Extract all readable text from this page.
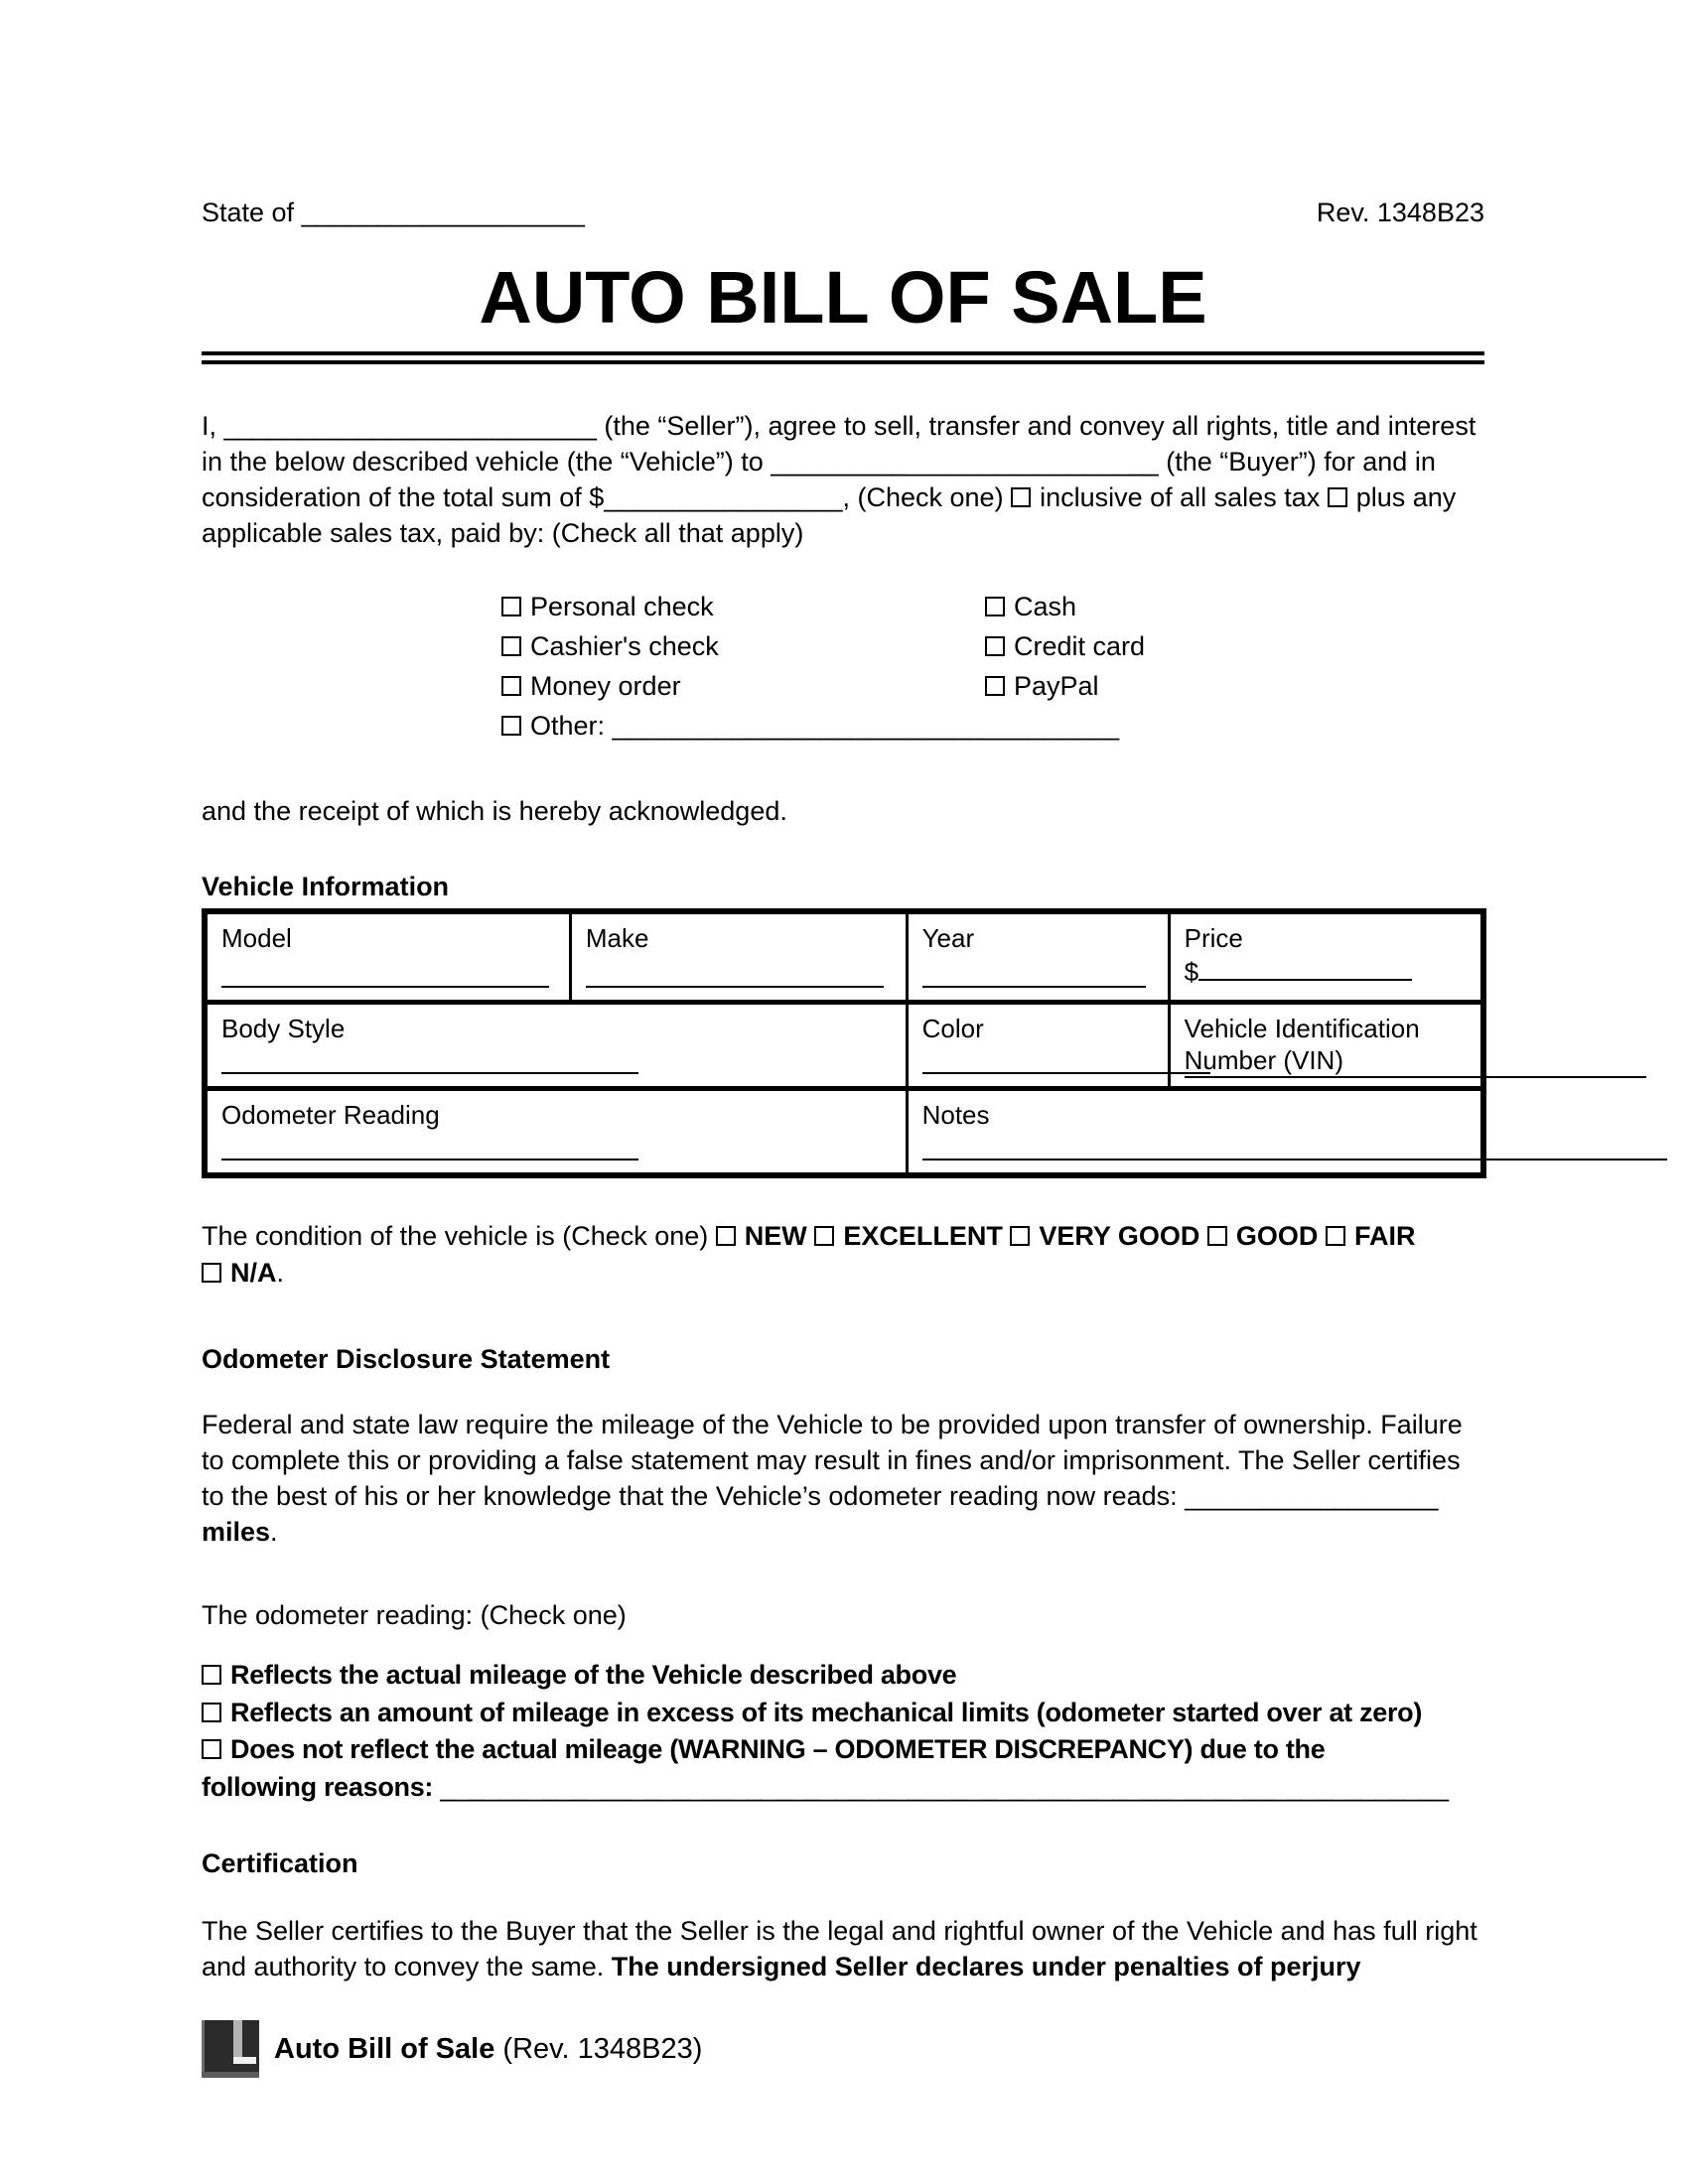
State of ___________________	Rev. 1348B23
AUTO BILL OF SALE

I, _________________________ (the “Seller”), agree to sell, transfer and convey all rights, title and interest in the below described vehicle (the “Vehicle”) to __________________________ (the “Buyer”) for and in consideration of the total sum of $________________, (Check one) inclusive of all sales tax plus any applicable sales tax, paid by: (Check all that apply)

Personal check	Cash
Cashier's check	Credit card
Money order	PayPal
Other: __________________________________

and the receipt of which is hereby acknowledged.

Vehicle Information

Model	Make	Year	Price
$

Body Style		Color	Vehicle Identification Number (VIN)

Odometer Reading		Notes	

The condition of the vehicle is (Check one) NEW EXCELLENT VERY GOOD GOOD FAIR N/A.

Odometer Disclosure Statement

Federal and state law require the mileage of the Vehicle to be provided upon transfer of ownership. Failure to complete this or providing a false statement may result in fines and/or imprisonment. The Seller certifies to the best of his or her knowledge that the Vehicle’s odometer reading now reads: _________________ miles.

The odometer reading: (Check one)

Reflects the actual mileage of the Vehicle described above
Reflects an amount of mileage in excess of its mechanical limits (odometer started over at zero)
Does not reflect the actual mileage (WARNING – ODOMETER DISCREPANCY) due to the
following reasons: _____________________________________________________________________

Certification

The Seller certifies to the Buyer that the Seller is the legal and rightful owner of the Vehicle and has full right and authority to convey the same. The undersigned Seller declares under penalties of perjury

Auto Bill of Sale (Rev. 1348B23)
